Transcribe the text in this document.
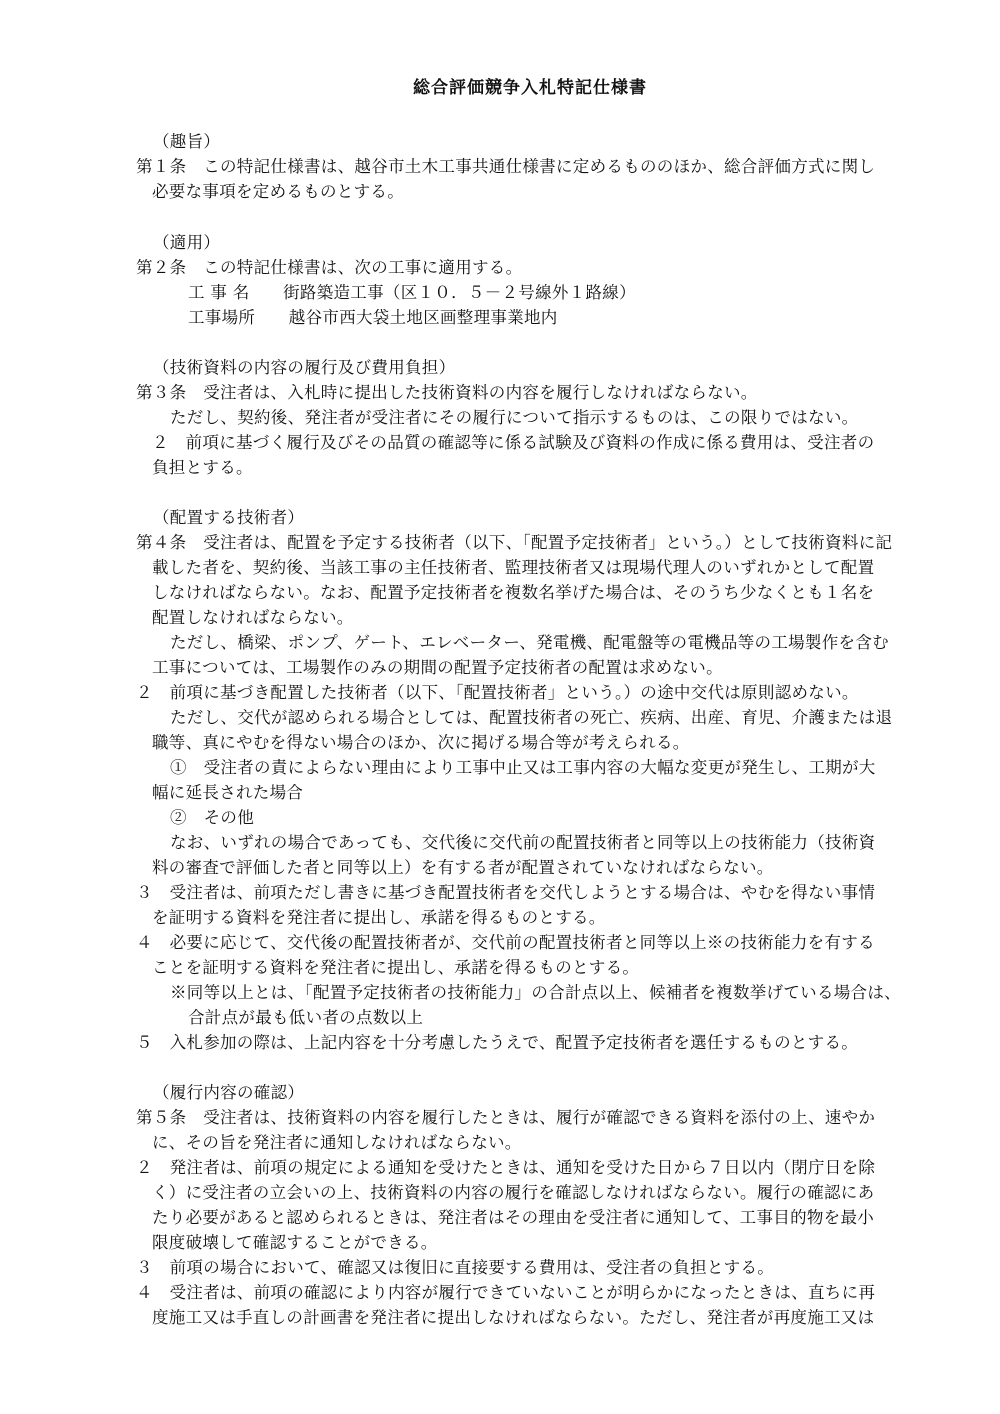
総合評価競争入札特記仕様書
（趣旨）
第１条　この特記仕様書は、越谷市土木工事共通仕様書に定めるもののほか、総合評価方式に関し
必要な事項を定めるものとする。
（適用）
第２条　この特記仕様書は、次の工事に適用する。
工 事 名　　街路築造工事（区１０．５－２号線外１路線）
工事場所　　越谷市西大袋土地区画整理事業地内
（技術資料の内容の履行及び費用負担）
第３条　受注者は、入札時に提出した技術資料の内容を履行しなければならない。
ただし、契約後、発注者が受注者にその履行について指示するものは、この限りではない。
２　前項に基づく履行及びその品質の確認等に係る試験及び資料の作成に係る費用は、受注者の
負担とする。
（配置する技術者）
第４条　受注者は、配置を予定する技術者（以下、「配置予定技術者」という。）として技術資料に記
載した者を、契約後、当該工事の主任技術者、監理技術者又は現場代理人のいずれかとして配置
しなければならない。なお、配置予定技術者を複数名挙げた場合は、そのうち少なくとも１名を
配置しなければならない。
ただし、橋梁、ポンプ、ゲート、エレベーター、発電機、配電盤等の電機品等の工場製作を含む
工事については、工場製作のみの期間の配置予定技術者の配置は求めない。
２　前項に基づき配置した技術者（以下、「配置技術者」という。）の途中交代は原則認めない。
ただし、交代が認められる場合としては、配置技術者の死亡、疾病、出産、育児、介護または退
職等、真にやむを得ない場合のほか、次に掲げる場合等が考えられる。
①　受注者の責によらない理由により工事中止又は工事内容の大幅な変更が発生し、工期が大
幅に延長された場合
②　その他
なお、いずれの場合であっても、交代後に交代前の配置技術者と同等以上の技術能力（技術資
料の審査で評価した者と同等以上）を有する者が配置されていなければならない。
３　受注者は、前項ただし書きに基づき配置技術者を交代しようとする場合は、やむを得ない事情
を証明する資料を発注者に提出し、承諾を得るものとする。
４　必要に応じて、交代後の配置技術者が、交代前の配置技術者と同等以上※の技術能力を有する
ことを証明する資料を発注者に提出し、承諾を得るものとする。
※同等以上とは、「配置予定技術者の技術能力」の合計点以上、候補者を複数挙げている場合は、
合計点が最も低い者の点数以上
５　入札参加の際は、上記内容を十分考慮したうえで、配置予定技術者を選任するものとする。
（履行内容の確認）
第５条　受注者は、技術資料の内容を履行したときは、履行が確認できる資料を添付の上、速やか
に、その旨を発注者に通知しなければならない。
２　発注者は、前項の規定による通知を受けたときは、通知を受けた日から７日以内（閉庁日を除
く）に受注者の立会いの上、技術資料の内容の履行を確認しなければならない。履行の確認にあ
たり必要があると認められるときは、発注者はその理由を受注者に通知して、工事目的物を最小
限度破壊して確認することができる。
３　前項の場合において、確認又は復旧に直接要する費用は、受注者の負担とする。
４　受注者は、前項の確認により内容が履行できていないことが明らかになったときは、直ちに再
度施工又は手直しの計画書を発注者に提出しなければならない。ただし、発注者が再度施工又は
